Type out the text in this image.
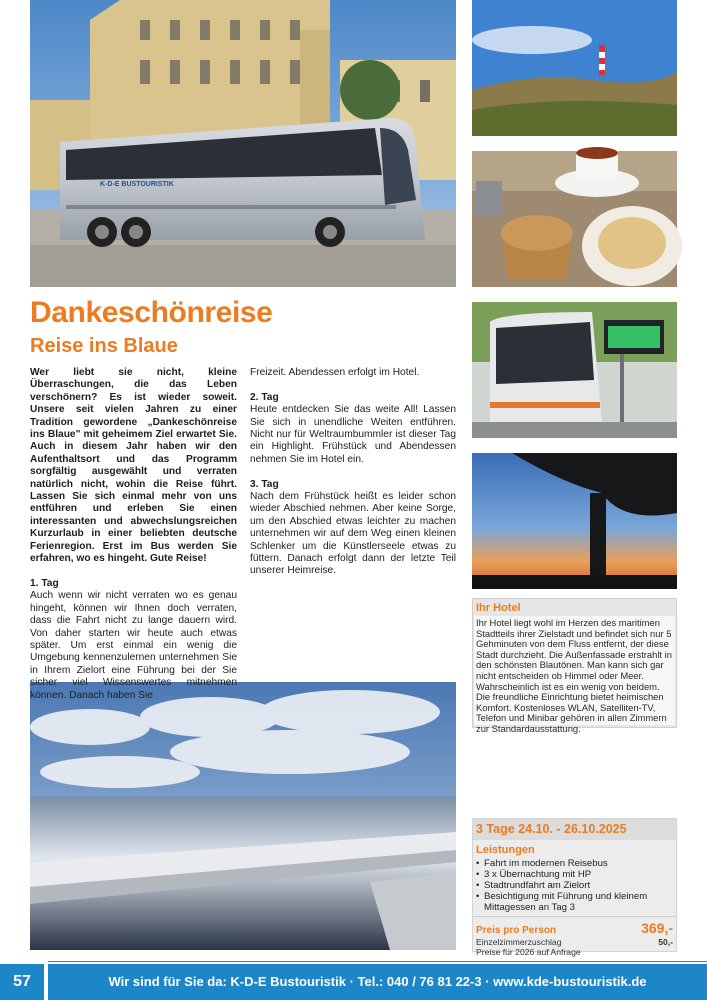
K-D-E BUSTOURISTIK
Dankeschönreise
Reise ins Blaue

Wer liebt sie nicht, kleine Überraschungen, die das Leben verschönern? Es ist wieder soweit. Unsere seit vielen Jahren zu einer Tradition gewordene „Dankeschönreise ins Blaue" mit geheimem Ziel erwartet Sie. Auch in diesem Jahr haben wir den Aufenthaltsort und das Programm sorgfältig ausgewählt und verraten natürlich nicht, wohin die Reise führt. Lassen Sie sich einmal mehr von uns entführen und erleben Sie einen interessanten und abwechslungsreichen Kurzurlaub in einer beliebten deutsche Ferienregion. Erst im Bus werden Sie erfahren, wo es hingeht. Gute Reise!

1. Tag

Auch wenn wir nicht verraten wo es genau hingeht, können wir Ihnen doch verraten, dass die Fahrt nicht zu lange dauern wird. Von daher starten wir heute auch etwas später. Um erst einmal ein wenig die Umgebung kennenzulernen unternehmen Sie in Ihrem Zielort eine Führung bei der Sie sicher viel Wissenswertes mitnehmen können. Danach haben Sie

Freizeit. Abendessen erfolgt im Hotel.

2. Tag

Heute entdecken Sie das weite All! Lassen Sie sich in unendliche Weiten entführen. Nicht nur für Weltraumbummler ist dieser Tag ein Highlight. Frühstück und Abendessen nehmen Sie im Hotel ein.

3. Tag

Nach dem Frühstück heißt es leider schon wieder Abschied nehmen. Aber keine Sorge, um den Abschied etwas leichter zu machen unternehmen wir auf dem Weg einen kleinen Schlenker um die Künstlerseele etwas zu füttern. Danach erfolgt dann der letzte Teil unserer Heimreise.

Ihr Hotel
Ihr Hotel liegt wohl im Herzen des maritimen Stadtteils ihrer Zielstadt und befindet sich nur 5 Gehminuten von dem Fluss entfernt, der diese Stadt durchzieht. Die Außenfassade erstrahlt in den schönsten Blautönen. Man kann sich gar nicht entscheiden ob Himmel oder Meer. Wahrscheinlich ist es ein wenig von beidem. Die freundliche Einrichtung bietet heimischen Komfort. Kostenloses WLAN, Satelliten-TV, Telefon und Minibar gehören in allen Zimmern zur Standardausstattung.
3 Tage 24.10. - 26.10.2025
Leistungen
• Fahrt im modernen Reisebus
• 3 x Übernachtung mit HP
• Stadtrundfahrt am Zielort
• Besichtigung mit Führung und kleinem Mittagessen an Tag 3
Preis pro Person	369,-
Einzelzimmerzuschlag	50,-
Preise für 2026 auf Anfrage
57	Wir sind für Sie da: K-D-E Bustouristik · Tel.: 040 / 76 81 22-3 · www.kde-bustouristik.de
